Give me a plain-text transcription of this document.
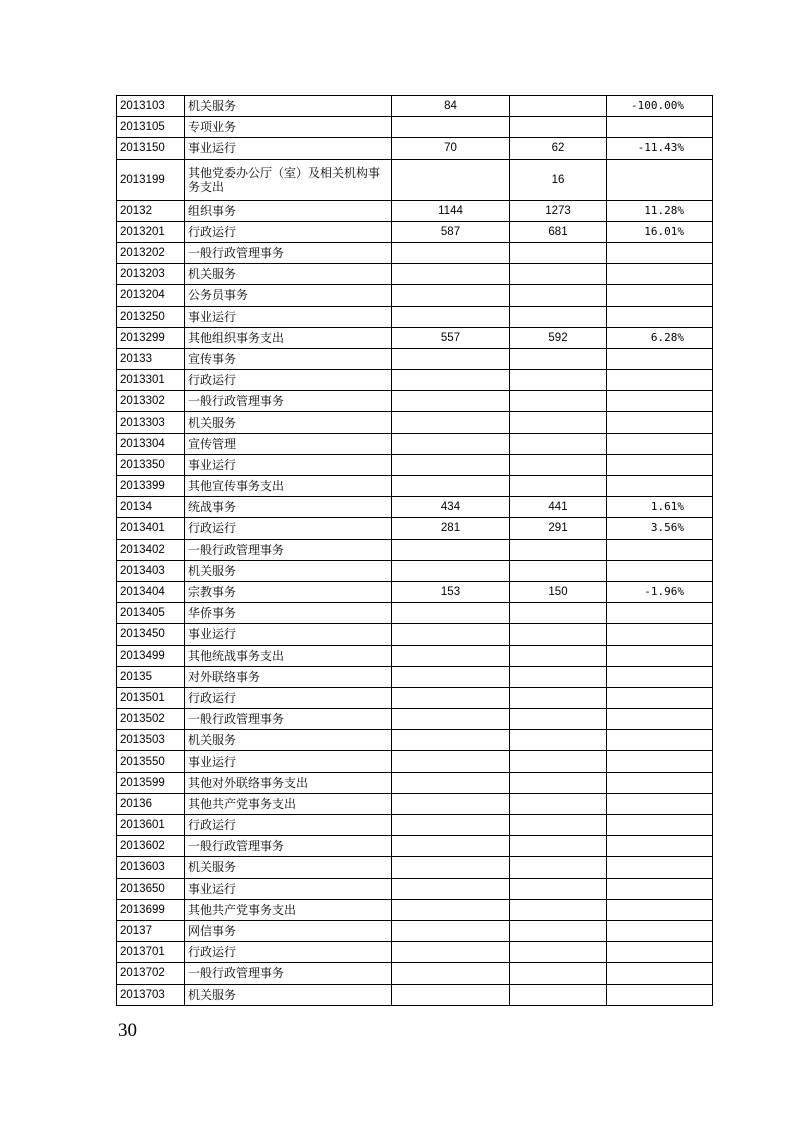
2013103	机关服务	84		-100.00%
2013105	专项业务			
2013150	事业运行	70	62	-11.43%
2013199	其他党委办公厅（室）及相关机构事务支出		16	
20132	组织事务	1144	1273	11.28%
2013201	行政运行	587	681	16.01%
2013202	一般行政管理事务			
2013203	机关服务			
2013204	公务员事务			
2013250	事业运行			
2013299	其他组织事务支出	557	592	6.28%
20133	宣传事务			
2013301	行政运行			
2013302	一般行政管理事务			
2013303	机关服务			
2013304	宣传管理			
2013350	事业运行			
2013399	其他宣传事务支出			
20134	统战事务	434	441	1.61%
2013401	行政运行	281	291	3.56%
2013402	一般行政管理事务			
2013403	机关服务			
2013404	宗教事务	153	150	-1.96%
2013405	华侨事务			
2013450	事业运行			
2013499	其他统战事务支出			
20135	对外联络事务			
2013501	行政运行			
2013502	一般行政管理事务			
2013503	机关服务			
2013550	事业运行			
2013599	其他对外联络事务支出			
20136	其他共产党事务支出			
2013601	行政运行			
2013602	一般行政管理事务			
2013603	机关服务			
2013650	事业运行			
2013699	其他共产党事务支出			
20137	网信事务			
2013701	行政运行			
2013702	一般行政管理事务			
2013703	机关服务			
30
